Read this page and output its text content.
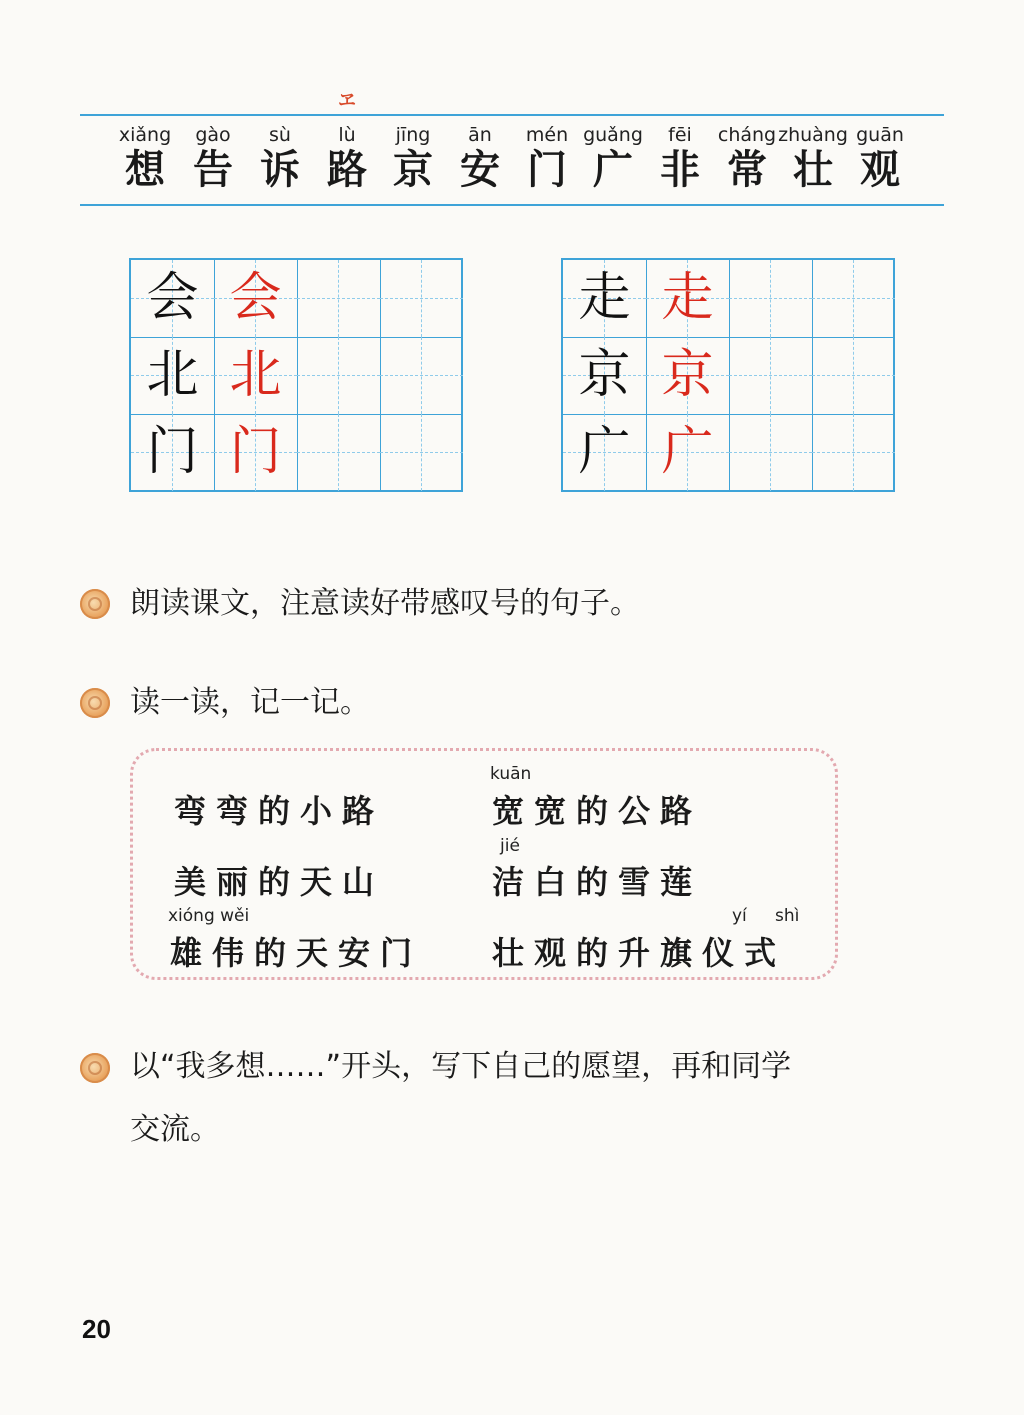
ヱ
xiǎng
想
gào
告
sù
诉
lù
路
jīng
京
ān
安
mén
门
guǎng
广
fēi
非
cháng
常
zhuàng
壮
guān
观
会 会
北 北
门 门
走 走
京 京
广 广
朗读课文，注意读好带感叹号的句子。
读一读，记一记。
kuān
弯弯的小路	宽宽的公路
jié
美丽的天山	洁白的雪莲
xióng wěi	yí shì
雄伟的天安门 壮观的升旗仪式
以“我多想……”开头，写下自己的愿望，再和同学
交流。
20
